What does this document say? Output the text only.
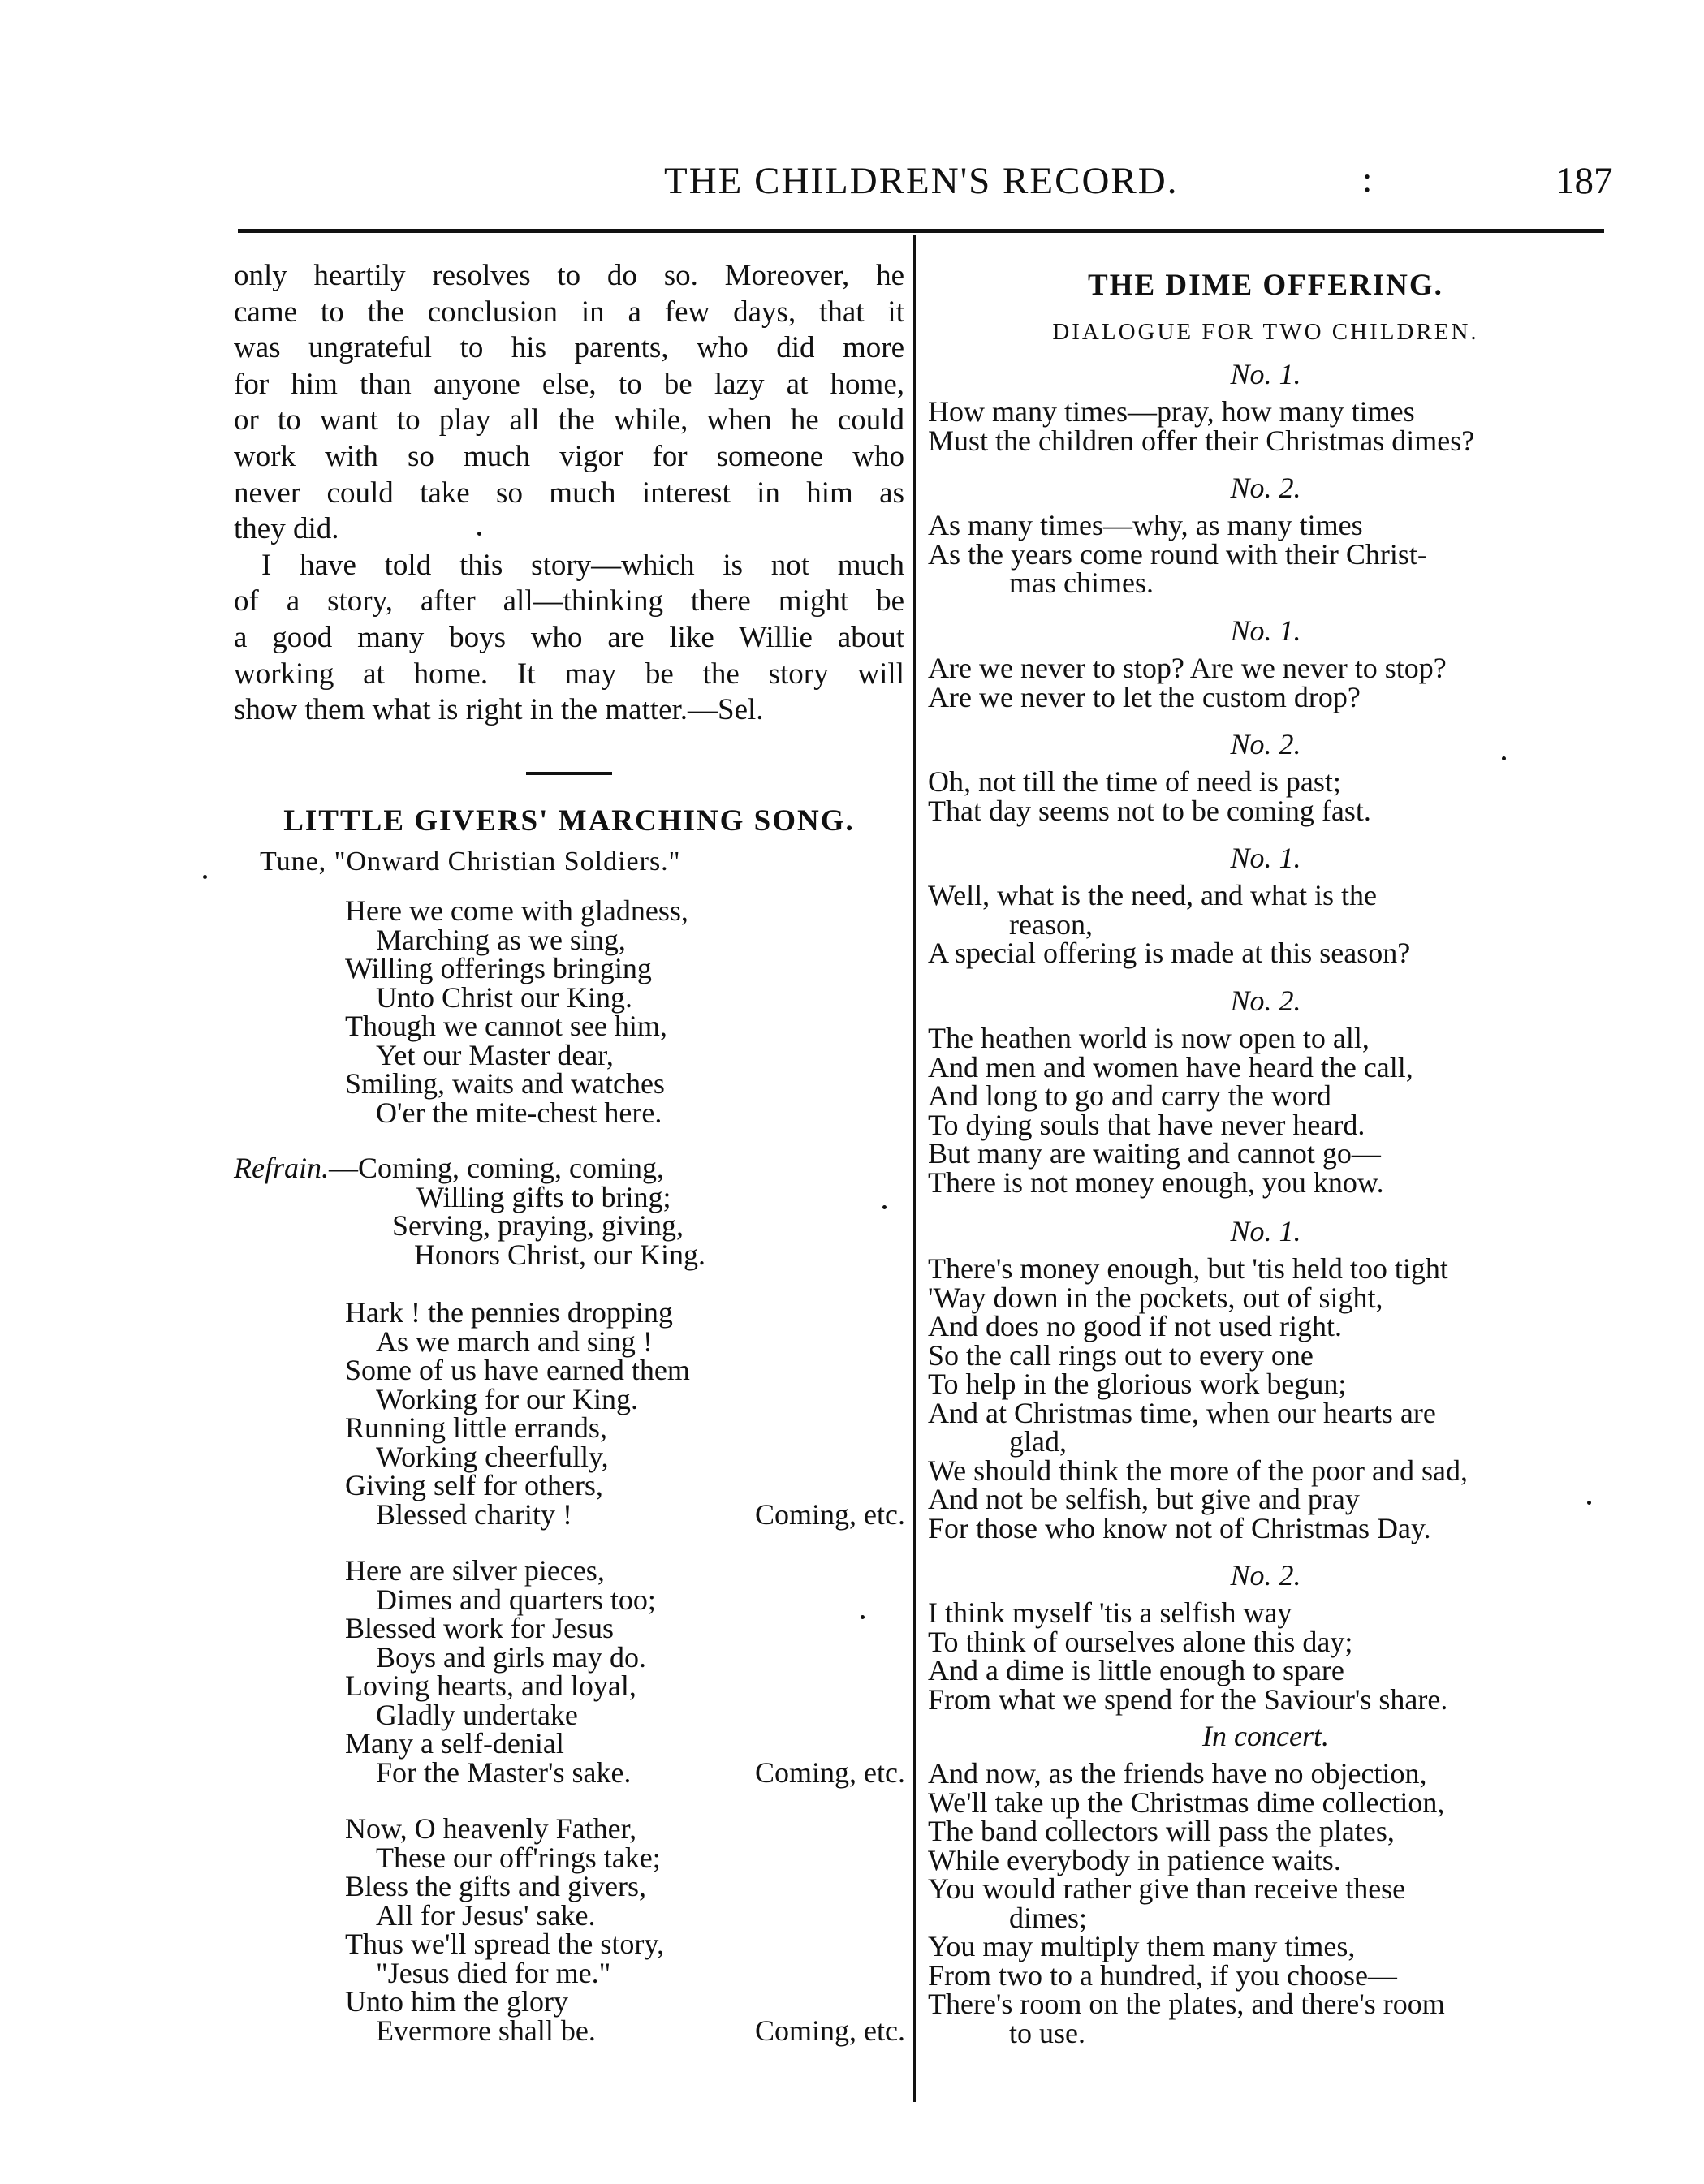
THE CHILDREN'S RECORD.	:	187

only heartily resolves to do so. Moreover, he

came to the conclusion in a few days, that it

was ungrateful to his parents, who did more

for him than anyone else, to be lazy at home,

or to want to play all the while, when he could

work with so much vigor for someone who

never could take so much interest in him as

they did.

I have told this story—which is not much

of a story, after all—thinking there might be

a good many boys who are like Willie about

working at home. It may be the story will

show them what is right in the matter.—Sel.

LITTLE GIVERS' MARCHING SONG.
Tune, "Onward Christian Soldiers."
Here we come with gladness,
Marching as we sing,
Willing offerings bringing
Unto Christ our King.
Though we cannot see him,
Yet our Master dear,
Smiling, waits and watches
O'er the mite-chest here.
Refrain.—Coming, coming, coming,
Willing gifts to bring;
Serving, praying, giving,
Honors Christ, our King.
Hark ! the pennies dropping
As we march and sing !
Some of us have earned them
Working for our King.
Running little errands,
Working cheerfully,
Giving self for others,
Blessed charity !	Coming, etc.
Here are silver pieces,
Dimes and quarters too;
Blessed work for Jesus
Boys and girls may do.
Loving hearts, and loyal,
Gladly undertake
Many a self-denial
For the Master's sake.	Coming, etc.
Now, O heavenly Father,
These our off'rings take;
Bless the gifts and givers,
All for Jesus' sake.
Thus we'll spread the story,
"Jesus died for me."
Unto him the glory
Evermore shall be.	Coming, etc.
THE DIME OFFERING.
DIALOGUE FOR TWO CHILDREN.
No. 1.
How many times—pray, how many times
Must the children offer their Christmas dimes?
No. 2.
As many times—why, as many times
As the years come round with their Christ-
mas chimes.
No. 1.
Are we never to stop? Are we never to stop?
Are we never to let the custom drop?
No. 2.
Oh, not till the time of need is past;
That day seems not to be coming fast.
No. 1.
Well, what is the need, and what is the
reason,
A special offering is made at this season?
No. 2.
The heathen world is now open to all,
And men and women have heard the call,
And long to go and carry the word
To dying souls that have never heard.
But many are waiting and cannot go—
There is not money enough, you know.
No. 1.
There's money enough, but 'tis held too tight
'Way down in the pockets, out of sight,
And does no good if not used right.
So the call rings out to every one
To help in the glorious work begun;
And at Christmas time, when our hearts are
glad,
We should think the more of the poor and sad,
And not be selfish, but give and pray
For those who know not of Christmas Day.
No. 2.
I think myself 'tis a selfish way
To think of ourselves alone this day;
And a dime is little enough to spare
From what we spend for the Saviour's share.
In concert.
And now, as the friends have no objection,
We'll take up the Christmas dime collection,
The band collectors will pass the plates,
While everybody in patience waits.
You would rather give than receive these
dimes;
You may multiply them many times,
From two to a hundred, if you choose—
There's room on the plates, and there's room
to use.
